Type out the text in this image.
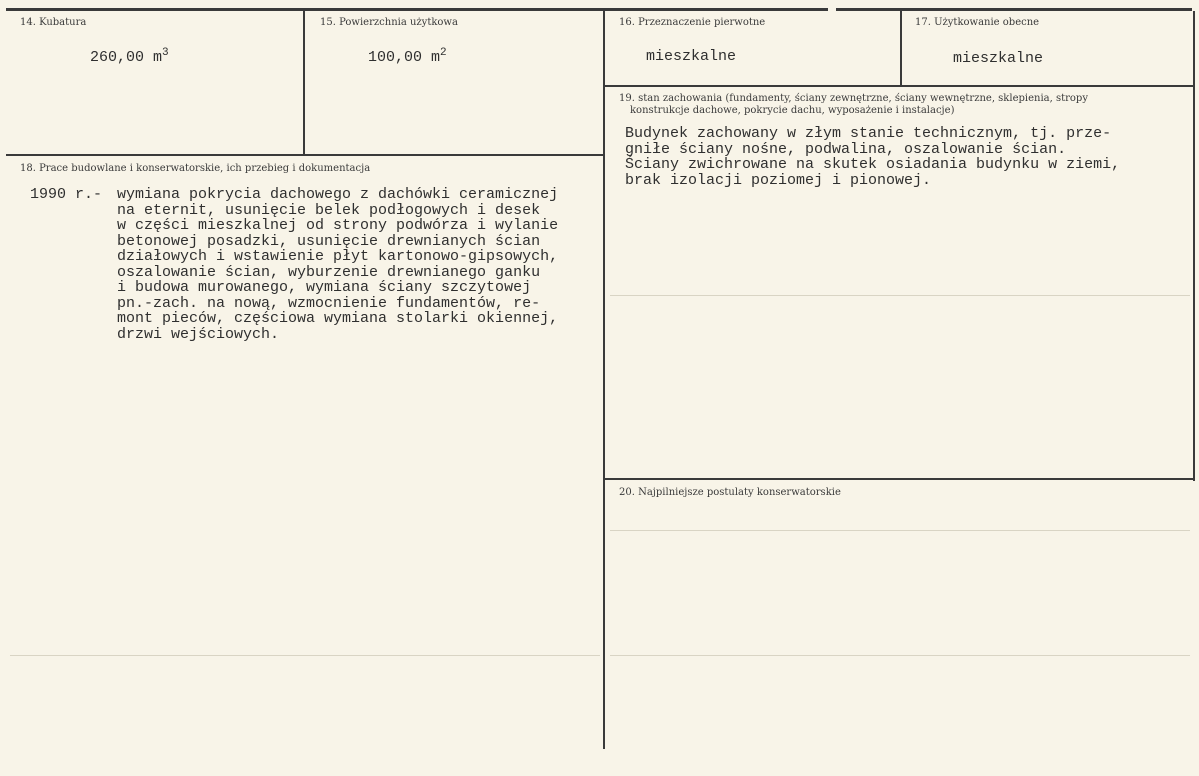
14. Kubatura
260,00 $m^3$
15. Powierzchnia użytkowa
100,00 $m^2$
16. Przeznaczenie pierwotne
mieszkalne
17. Użytkowanie obecne
mieszkalne
18. Prace budowlane i konserwatorskie, ich przebieg i dokumentacja
1990 r.- wymiana pokrycia dachowego z dachówki ceramicznej
na eternit, usunięcie belek podłogowych i desek
w części mieszkalnej od strony podwórza i wylanie
betonowej posadzki, usunięcie drewnianych ścian
działowych i wstawienie płyt kartonowo-gipsowych,
oszalowanie ścian, wyburzenie drewnianego ganku
i budowa murowanego, wymiana ściany szczytowej
pn.-zach. na nową, wzmocnienie fundamentów, re-
mont pieców, częściowa wymiana stolarki okiennej,
drzwi wejściowych.
19. stan zachowania (fundamenty, ściany zewnętrzne, ściany wewnętrzne, sklepienia, stropy
konstrukcje dachowe, pokrycie dachu, wyposażenie i instalacje)
Budynek zachowany w złym stanie technicznym, tj. prze-
gniłe ściany nośne, podwalina, oszalowanie ścian.
Ściany zwichrowane na skutek osiadania budynku w ziemi,
brak izolacji poziomej i pionowej.
20. Najpilniejsze postulaty konserwatorskie
